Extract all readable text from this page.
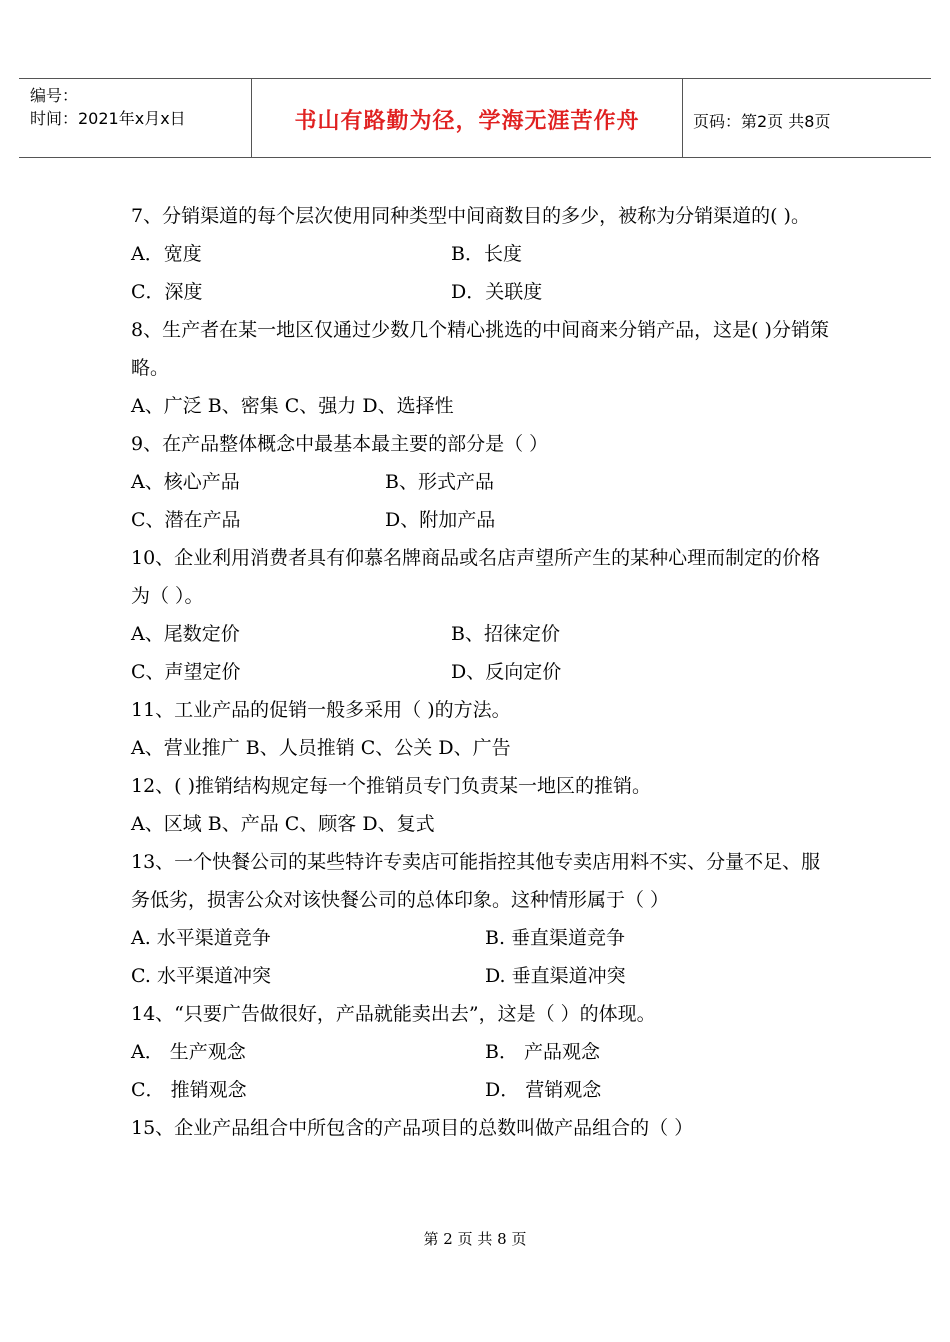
编号：
时间：2021年x月x日	书山有路勤为径，学海无涯苦作舟	页码：第2页 共8页
7、分销渠道的每个层次使用同种类型中间商数目的多少，被称为分销渠道的( )。
A．宽度	B．长度
C．深度	D．关联度
8、生产者在某一地区仅通过少数几个精心挑选的中间商来分销产品，这是( )分销策略。
A、广泛 B、密集 C、强力 D、选择性
9、在产品整体概念中最基本最主要的部分是（ ）
A、核心产品	B、形式产品
C、潜在产品	D、附加产品
10、企业利用消费者具有仰慕名牌商品或名店声望所产生的某种心理而制定的价格为（ ）。
A、尾数定价	B、招徕定价
C、声望定价	D、反向定价
11、工业产品的促销一般多采用（ )的方法。
A、营业推广 B、人员推销 C、公关 D、广告
12、( )推销结构规定每一个推销员专门负责某一地区的推销。
A、区域 B、产品 C、顾客 D、复式
13、一个快餐公司的某些特许专卖店可能指控其他专卖店用料不实、分量不足、服务低劣，损害公众对该快餐公司的总体印象。这种情形属于（ ）
A. 水平渠道竞争	B. 垂直渠道竞争
C. 水平渠道冲突	D. 垂直渠道冲突
14、“只要广告做很好，产品就能卖出去”，这是（ ）的体现。
A． 生产观念	B． 产品观念
C． 推销观念	D． 营销观念
15、企业产品组合中所包含的产品项目的总数叫做产品组合的（ ）
第 2 页 共 8 页
